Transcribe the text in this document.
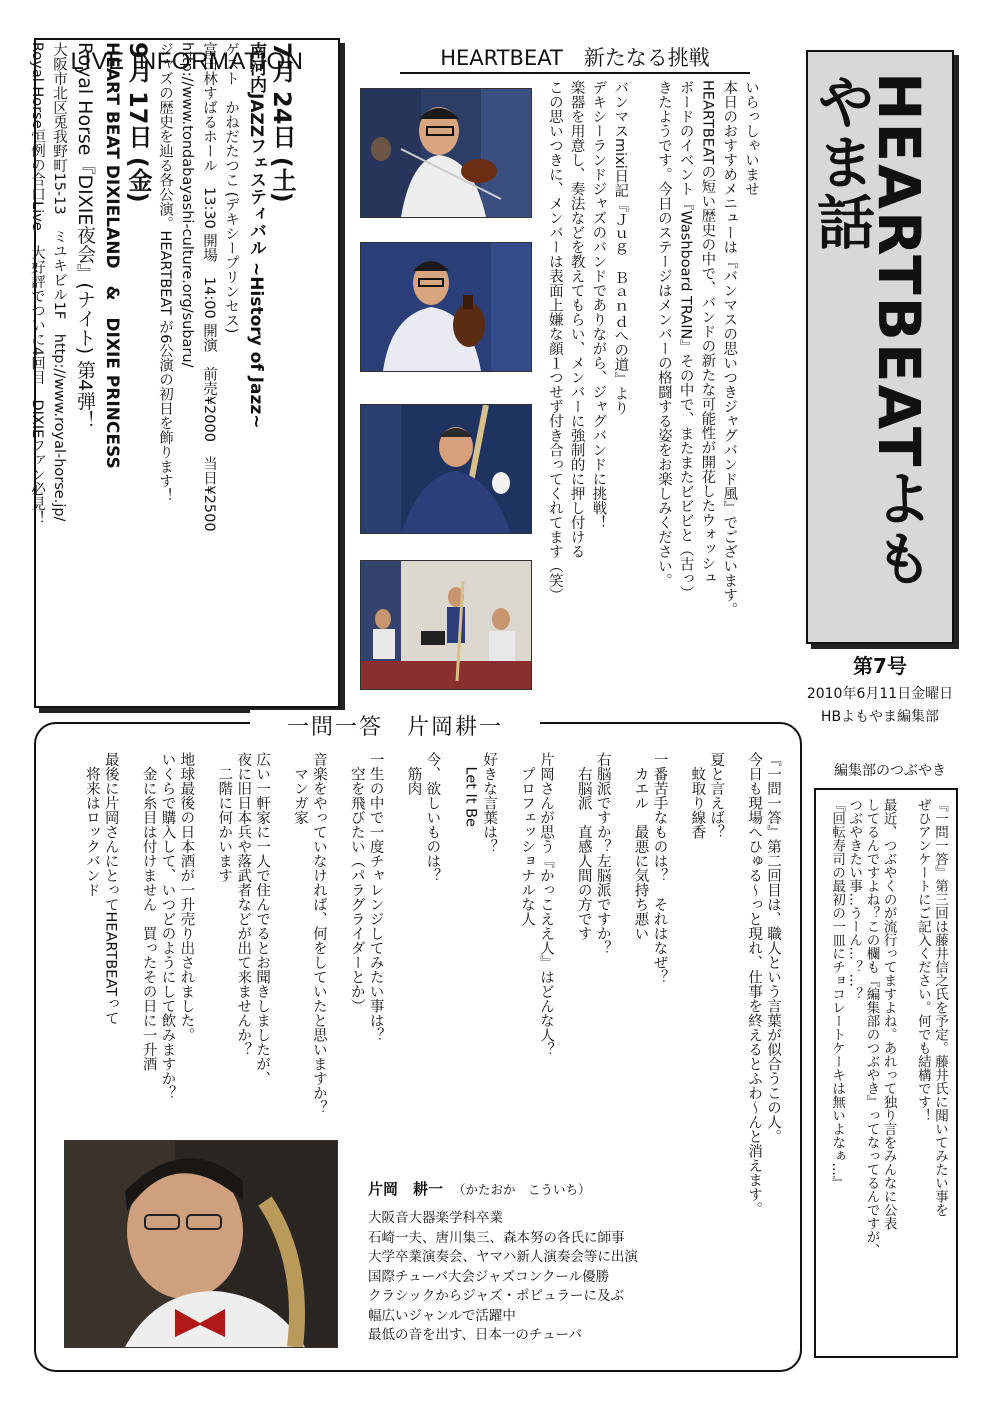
LIVE INFORMATION
7月 24日 (土)
南河内JAZZフェスティバル ~History of Jazz~
ゲスト　かねだたつこ (デキシープリンセス)
富田林すばるホール　13:30 開場　14:00 開演　前売¥2000　当日¥2500
http://www.tondabayashi-culture.org/subaru/
ジャズの歴史を辿る各公演。HEARTBEAT が6公演の初日を飾ります！
9月 17日 (金)
HEART BEAT DIXIELAND　&　DIXIE PRINCESS
Royal Horse『DIXIE夜会』(ナイト) 第4弾！
大阪市北区兎我野町15-13　ミユキビル1F　http://www.royal-horse.jp/
Royal Horse恒例の合口Live　大好評でついに4回目　DIXIEファン必見！	HEARTBEAT　新たなる挑戦
いらっしゃいませ
本日のおすすめメニューは『バンマスの思いつきジャグバンド風』でございます。
HEARTBEATの短い歴史の中で、バンドの新たな可能性が開花したウォッシュ
ボードのイベント『Washboard TRAIN』その中で、またまたビビビと（古っ）
きたようです。今日のステージはメンバーの格闘する姿をお楽しみください。
バンマスmixi日記『Ｊｕｇ　Ｂａｎｄへの道』より
デキシーランドジャズのバンドでありながら、ジャグバンドに挑戦！
楽器を用意し、奏法などを教えてもらい、メンバーに強制的に押し付ける
この思いつきに、メンバーは表面上嫌な顔１つせず付き合ってくれてます（笑）	HEARTBEATよもやま話
第7号
2010年6月11日金曜日
HBよもやま編集部
一問一答　片岡耕一
『一問一答』第二回目は、職人という言葉が似合うこの人。
今日も現場へひゅる～っと現れ、仕事を終えるとふわ～んと消えます。
夏と言えば？
　蚊取り線香
一番苦手なものは？　それはなぜ？
　カエル　最悪に気持ち悪い
右脳派ですか？左脳派ですか？
　右脳派　直感人間の方です
片岡さんが思う『かっこええ人』はどんな人？
　プロフェッショナルな人
好きな言葉は？
　Let It Be
今、欲しいものは？
　筋肉
一生の中で一度チャレンジしてみたい事は？
　空を飛びたい（パラグライダーとか）
音楽をやっていなければ、何をしていたと思いますか？
　マンガ家
広い一軒家に一人で住んでるとお聞きしましたが、
夜に旧日本兵や落武者などが出て来ませんか？
　二階に何かいます
地球最後の日本酒が一升売り出されました。
いくらで購入して、いつどのようにして飲みますか？
　金に糸目は付けません　買ったその日に一升酒
最後に片岡さんにとってHEARTBEATって
　将来はロックバンド
片岡　耕一 （かたおか　こういち）
大阪音大器楽学科卒業
石崎一夫、唐川集三、森本努の各氏に師事
大学卒業演奏会、ヤマハ新人演奏会等に出演
国際チューバ大会ジャズコンクール優勝
クラシックからジャズ・ポピュラーに及ぶ
幅広いジャンルで活躍中
最低の音を出す、日本一のチューバ
編集部のつぶやき
『一問一答』第三回は藤井信之氏を予定。藤井氏に聞いてみたい事を
ぜひアンケートにご記入ください。何でも結構です！
最近、つぶやくのが流行ってますよね。あれって独り言をみんなに公表
してるんですよね？この欄も『編集部のつぶやき』ってなってるんですが、
つぶやきたい事…うーん…？…？
『回転寿司の最初の一皿にチョコレートケーキは無いよなぁ…』
